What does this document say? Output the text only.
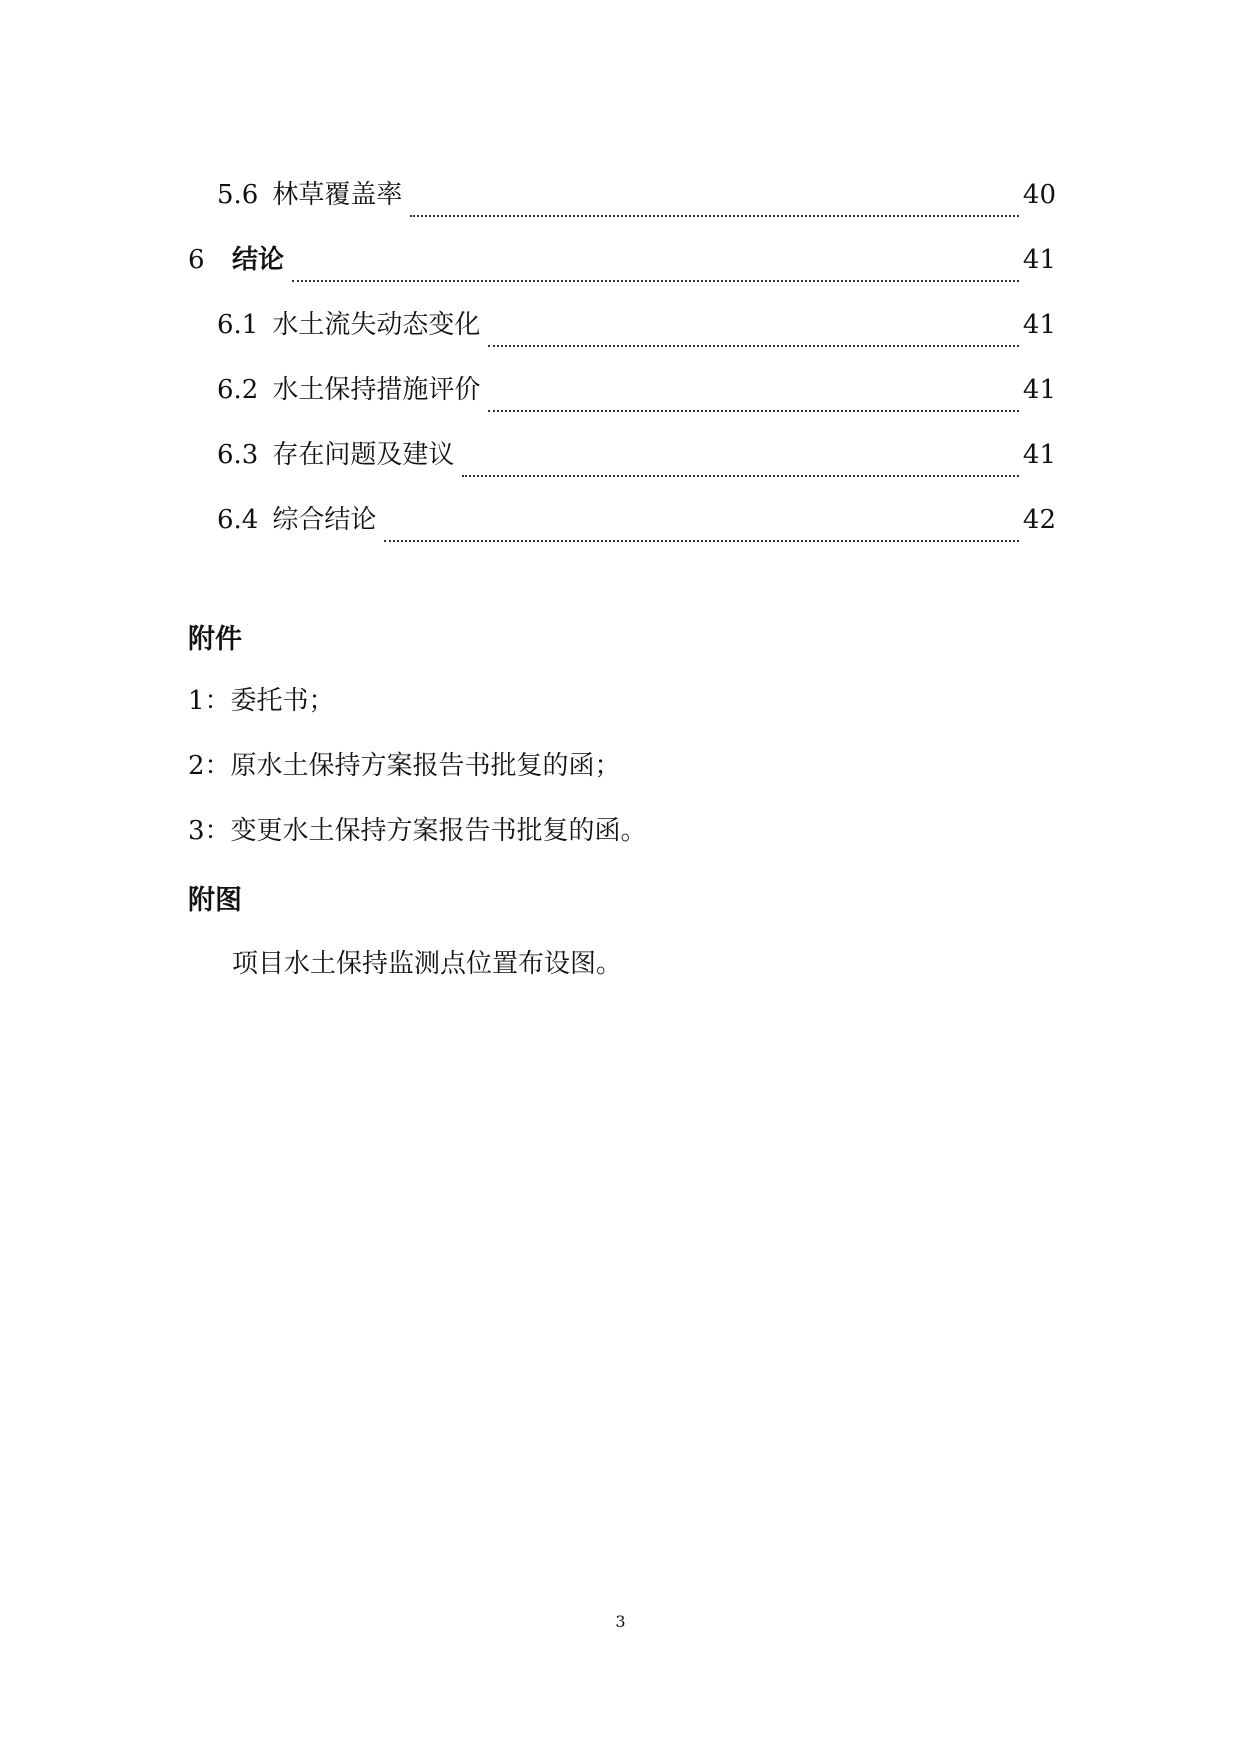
5.6 林草覆盖率	40
6	结论	41
6.1 水土流失动态变化	41
6.2 水土保持措施评价	41
6.3 存在问题及建议	41
6.4 综合结论	42
附件
1：委托书；
2：原水土保持方案报告书批复的函；
3：变更水土保持方案报告书批复的函。
附图
项目水土保持监测点位置布设图。
3
